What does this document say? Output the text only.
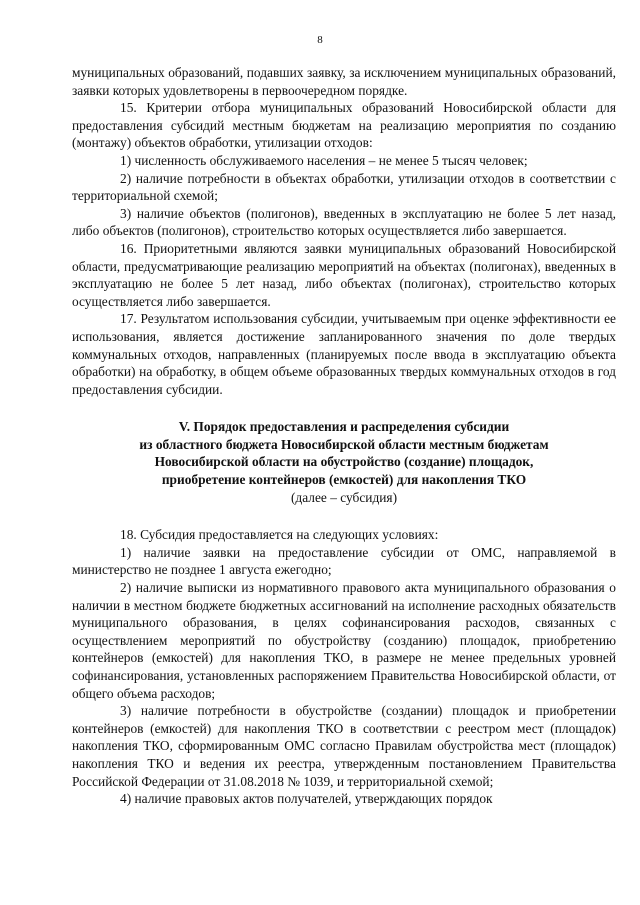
8

муниципальных образований, подавших заявку, за исключением муниципальных образований, заявки которых удовлетворены в первоочередном порядке.

15. Критерии отбора муниципальных образований Новосибирской области для предоставления субсидий местным бюджетам на реализацию мероприятия по созданию (монтажу) объектов обработки, утилизации отходов:

1) численность обслуживаемого населения – не менее 5 тысяч человек;

2) наличие потребности в объектах обработки, утилизации отходов в соответствии с территориальной схемой;

3) наличие объектов (полигонов), введенных в эксплуатацию не более 5 лет назад, либо объектов (полигонов), строительство которых осуществляется либо завершается.

16. Приоритетными являются заявки муниципальных образований Новосибирской области, предусматривающие реализацию мероприятий на объектах (полигонах), введенных в эксплуатацию не более 5 лет назад, либо объектах (полигонах), строительство которых осуществляется либо завершается.

17. Результатом использования субсидии, учитываемым при оценке эффективности ее использования, является достижение запланированного значения по доле твердых коммунальных отходов, направленных (планируемых после ввода в эксплуатацию объекта обработки) на обработку, в общем объеме образованных твердых коммунальных отходов в год предоставления субсидии.

V. Порядок предоставления и распределения субсидии
из областного бюджета Новосибирской области местным бюджетам
Новосибирской области на обустройство (создание) площадок,
приобретение контейнеров (емкостей) для накопления ТКО
(далее – субсидия)

18. Субсидия предоставляется на следующих условиях:

1) наличие заявки на предоставление субсидии от ОМС, направляемой в министерство не позднее 1 августа ежегодно;

2) наличие выписки из нормативного правового акта муниципального образования о наличии в местном бюджете бюджетных ассигнований на исполнение расходных обязательств муниципального образования, в целях софинансирования расходов, связанных с осуществлением мероприятий по обустройству (созданию) площадок, приобретению контейнеров (емкостей) для накопления ТКО, в размере не менее предельных уровней софинансирования, установленных распоряжением Правительства Новосибирской области, от общего объема расходов;

3) наличие потребности в обустройстве (создании) площадок и приобретении контейнеров (емкостей) для накопления ТКО в соответствии с реестром мест (площадок) накопления ТКО, сформированным ОМС согласно Правилам обустройства мест (площадок) накопления ТКО и ведения их реестра, утвержденным постановлением Правительства Российской Федерации от 31.08.2018 № 1039, и территориальной схемой;

4) наличие правовых актов получателей, утверждающих порядок
